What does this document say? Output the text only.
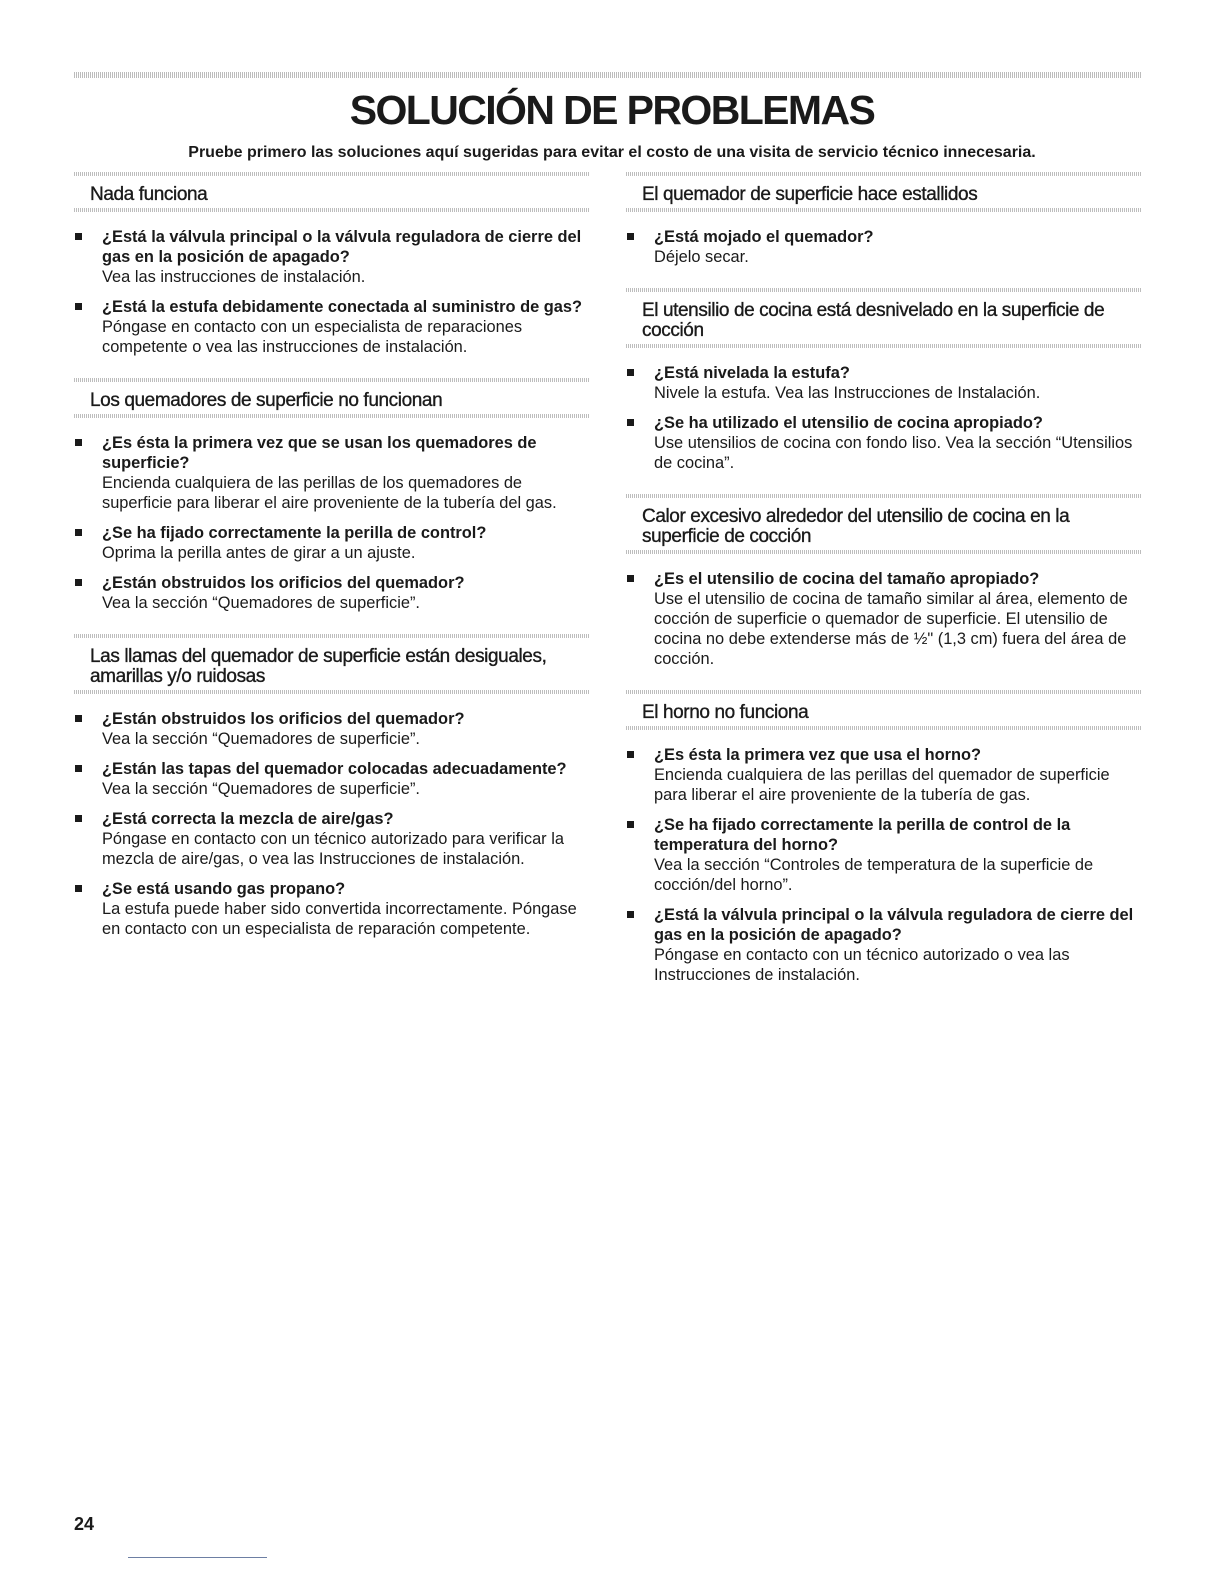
SOLUCIÓN DE PROBLEMAS
Pruebe primero las soluciones aquí sugeridas para evitar el costo de una visita de servicio técnico innecesaria.
Nada funciona
¿Está la válvula principal o la válvula reguladora de cierre del gas en la posición de apagado?
Vea las instrucciones de instalación.
¿Está la estufa debidamente conectada al suministro de gas?
Póngase en contacto con un especialista de reparaciones competente o vea las instrucciones de instalación.
Los quemadores de superficie no funcionan
¿Es ésta la primera vez que se usan los quemadores de superficie?
Encienda cualquiera de las perillas de los quemadores de superficie para liberar el aire proveniente de la tubería del gas.
¿Se ha fijado correctamente la perilla de control?
Oprima la perilla antes de girar a un ajuste.
¿Están obstruidos los orificios del quemador?
Vea la sección “Quemadores de superficie”.
Las llamas del quemador de superficie están desiguales, amarillas y/o ruidosas
¿Están obstruidos los orificios del quemador?
Vea la sección “Quemadores de superficie”.
¿Están las tapas del quemador colocadas adecuadamente?
Vea la sección “Quemadores de superficie”.
¿Está correcta la mezcla de aire/gas?
Póngase en contacto con un técnico autorizado para verificar la mezcla de aire/gas, o vea las Instrucciones de instalación.
¿Se está usando gas propano?
La estufa puede haber sido convertida incorrectamente. Póngase en contacto con un especialista de reparación competente.
El quemador de superficie hace estallidos
¿Está mojado el quemador?
Déjelo secar.
El utensilio de cocina está desnivelado en la superficie de cocción
¿Está nivelada la estufa?
Nivele la estufa. Vea las Instrucciones de Instalación.
¿Se ha utilizado el utensilio de cocina apropiado?
Use utensilios de cocina con fondo liso. Vea la sección “Utensilios de cocina”.
Calor excesivo alrededor del utensilio de cocina en la superficie de cocción
¿Es el utensilio de cocina del tamaño apropiado?
Use el utensilio de cocina de tamaño similar al área, elemento de cocción de superficie o quemador de superficie. El utensilio de cocina no debe extenderse más de ½" (1,3 cm) fuera del área de cocción.
El horno no funciona
¿Es ésta la primera vez que usa el horno?
Encienda cualquiera de las perillas del quemador de superficie para liberar el aire proveniente de la tubería de gas.
¿Se ha fijado correctamente la perilla de control de la temperatura del horno?
Vea la sección “Controles de temperatura de la superficie de cocción/del horno”.
¿Está la válvula principal o la válvula reguladora de cierre del gas en la posición de apagado?
Póngase en contacto con un técnico autorizado o vea las Instrucciones de instalación.
24
